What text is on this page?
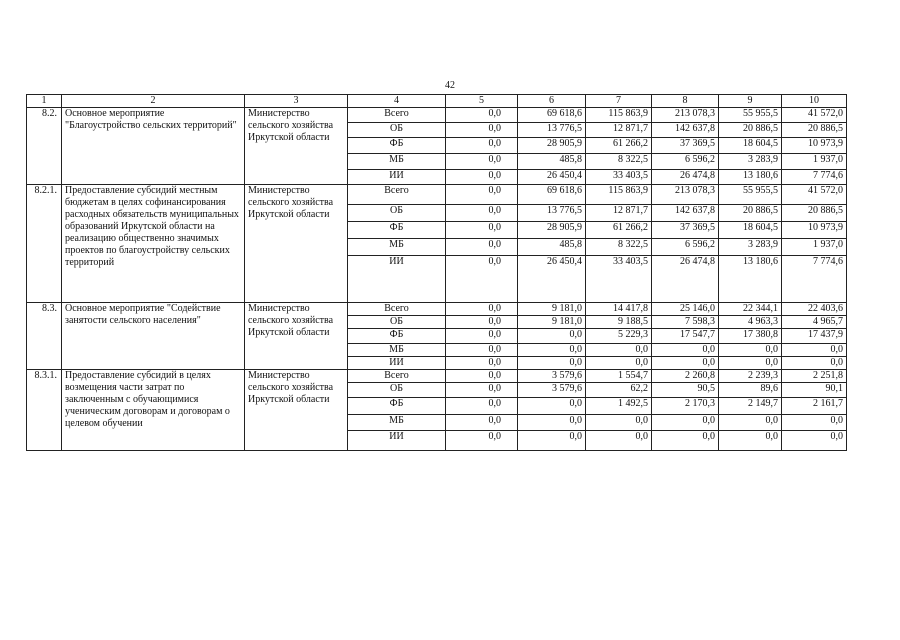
42
1	2	3	4	5	6	7	8	9	10
8.2.	Основное мероприятие "Благоустройство сельских территорий"	Министерство сельского хозяйства Иркутской области	Всего	0,0	69 618,6	115 863,9	213 078,3	55 955,5	41 572,0
			ОБ	0,0	13 776,5	12 871,7	142 637,8	20 886,5	20 886,5
			ФБ	0,0	28 905,9	61 266,2	37 369,5	18 604,5	10 973,9
			МБ	0,0	485,8	8 322,5	6 596,2	3 283,9	1 937,0
			ИИ	0,0	26 450,4	33 403,5	26 474,8	13 180,6	7 774,6
8.2.1.	Предоставление субсидий местным бюджетам в целях софинансирования расходных обязательств муниципальных образований Иркутской области на реализацию общественно значимых проектов по благоустройству сельских территорий	Министерство сельского хозяйства Иркутской области	Всего	0,0	69 618,6	115 863,9	213 078,3	55 955,5	41 572,0
			ОБ	0,0	13 776,5	12 871,7	142 637,8	20 886,5	20 886,5
			ФБ	0,0	28 905,9	61 266,2	37 369,5	18 604,5	10 973,9
			МБ	0,0	485,8	8 322,5	6 596,2	3 283,9	1 937,0
			ИИ	0,0	26 450,4	33 403,5	26 474,8	13 180,6	7 774,6
8.3.	Основное мероприятие "Содействие занятости сельского населения"	Министерство сельского хозяйства Иркутской области	Всего	0,0	9 181,0	14 417,8	25 146,0	22 344,1	22 403,6
			ОБ	0,0	9 181,0	9 188,5	7 598,3	4 963,3	4 965,7
			ФБ	0,0	0,0	5 229,3	17 547,7	17 380,8	17 437,9
			МБ	0,0	0,0	0,0	0,0	0,0	0,0
			ИИ	0,0	0,0	0,0	0,0	0,0	0,0
8.3.1.	Предоставление субсидий в целях возмещения части затрат по заключенным с обучающимися ученическим договорам и договорам о целевом обучении	Министерство сельского хозяйства Иркутской области	Всего	0,0	3 579,6	1 554,7	2 260,8	2 239,3	2 251,8
			ОБ	0,0	3 579,6	62,2	90,5	89,6	90,1
			ФБ	0,0	0,0	1 492,5	2 170,3	2 149,7	2 161,7
			МБ	0,0	0,0	0,0	0,0	0,0	0,0
			ИИ	0,0	0,0	0,0	0,0	0,0	0,0
